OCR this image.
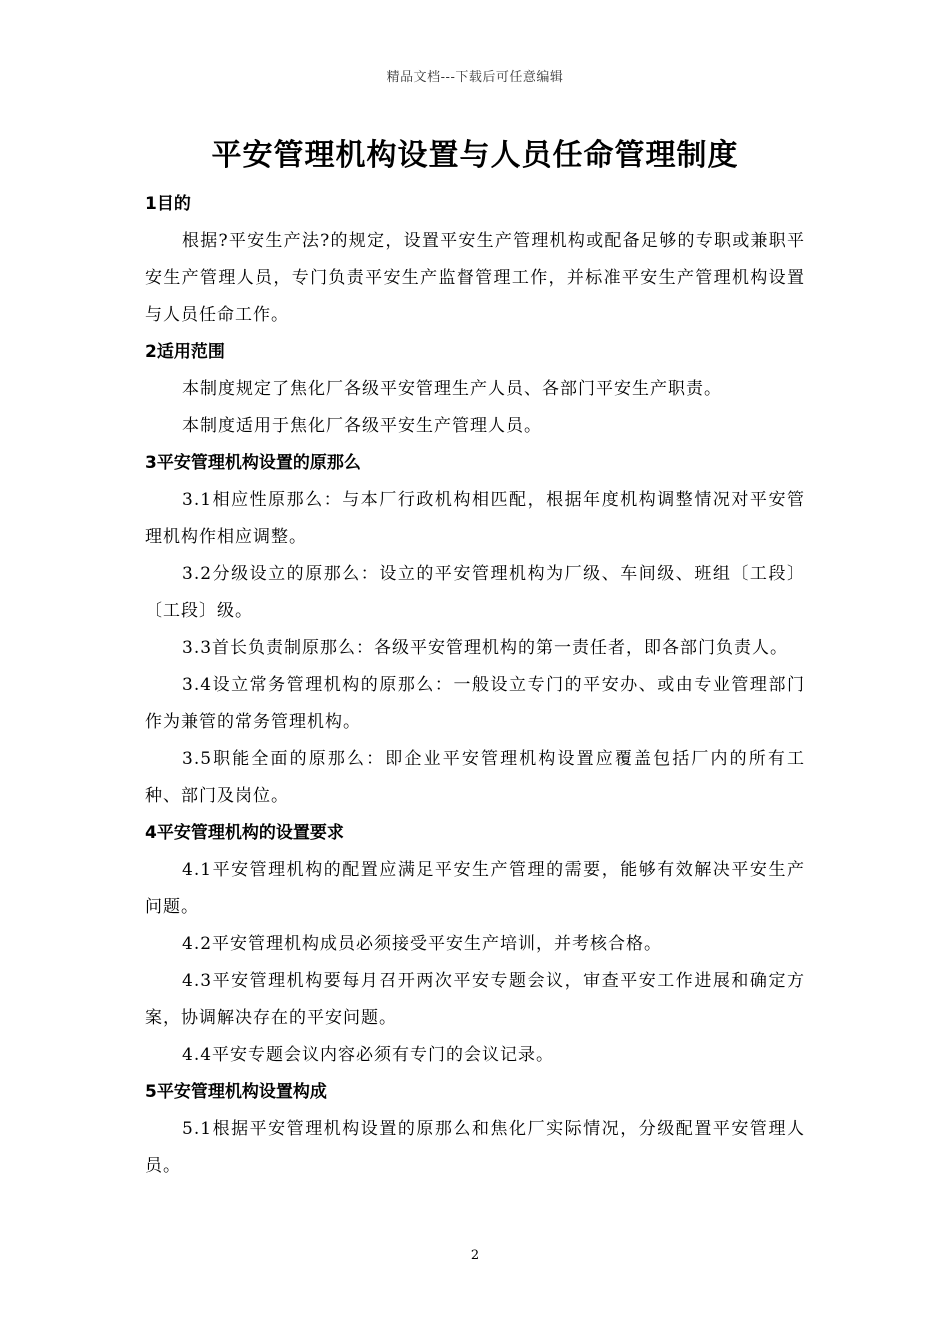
精品文档---下载后可任意编辑
平安管理机构设置与人员任命管理制度
1目的

根据?平安生产法?的规定，设置平安生产管理机构或配备足够的专职或兼职平安生产管理人员，专门负责平安生产监督管理工作，并标准平安生产管理机构设置与人员任命工作。

2适用范围

本制度规定了焦化厂各级平安管理生产人员、各部门平安生产职责。

本制度适用于焦化厂各级平安生产管理人员。

3平安管理机构设置的原那么

3.1相应性原那么：与本厂行政机构相匹配，根据年度机构调整情况对平安管理机构作相应调整。

3.2分级设立的原那么：设立的平安管理机构为厂级、车间级、班组〔工段〕〔工段〕级。

3.3首长负责制原那么：各级平安管理机构的第一责任者，即各部门负责人。

3.4设立常务管理机构的原那么：一般设立专门的平安办、或由专业管理部门作为兼管的常务管理机构。

3.5职能全面的原那么：即企业平安管理机构设置应覆盖包括厂内的所有工种、部门及岗位。

4平安管理机构的设置要求

4.1平安管理机构的配置应满足平安生产管理的需要，能够有效解决平安生产问题。

4.2平安管理机构成员必须接受平安生产培训，并考核合格。

4.3平安管理机构要每月召开两次平安专题会议，审查平安工作进展和确定方案，协调解决存在的平安问题。

4.4平安专题会议内容必须有专门的会议记录。

5平安管理机构设置构成

5.1根据平安管理机构设置的原那么和焦化厂实际情况，分级配置平安管理人员。

2
